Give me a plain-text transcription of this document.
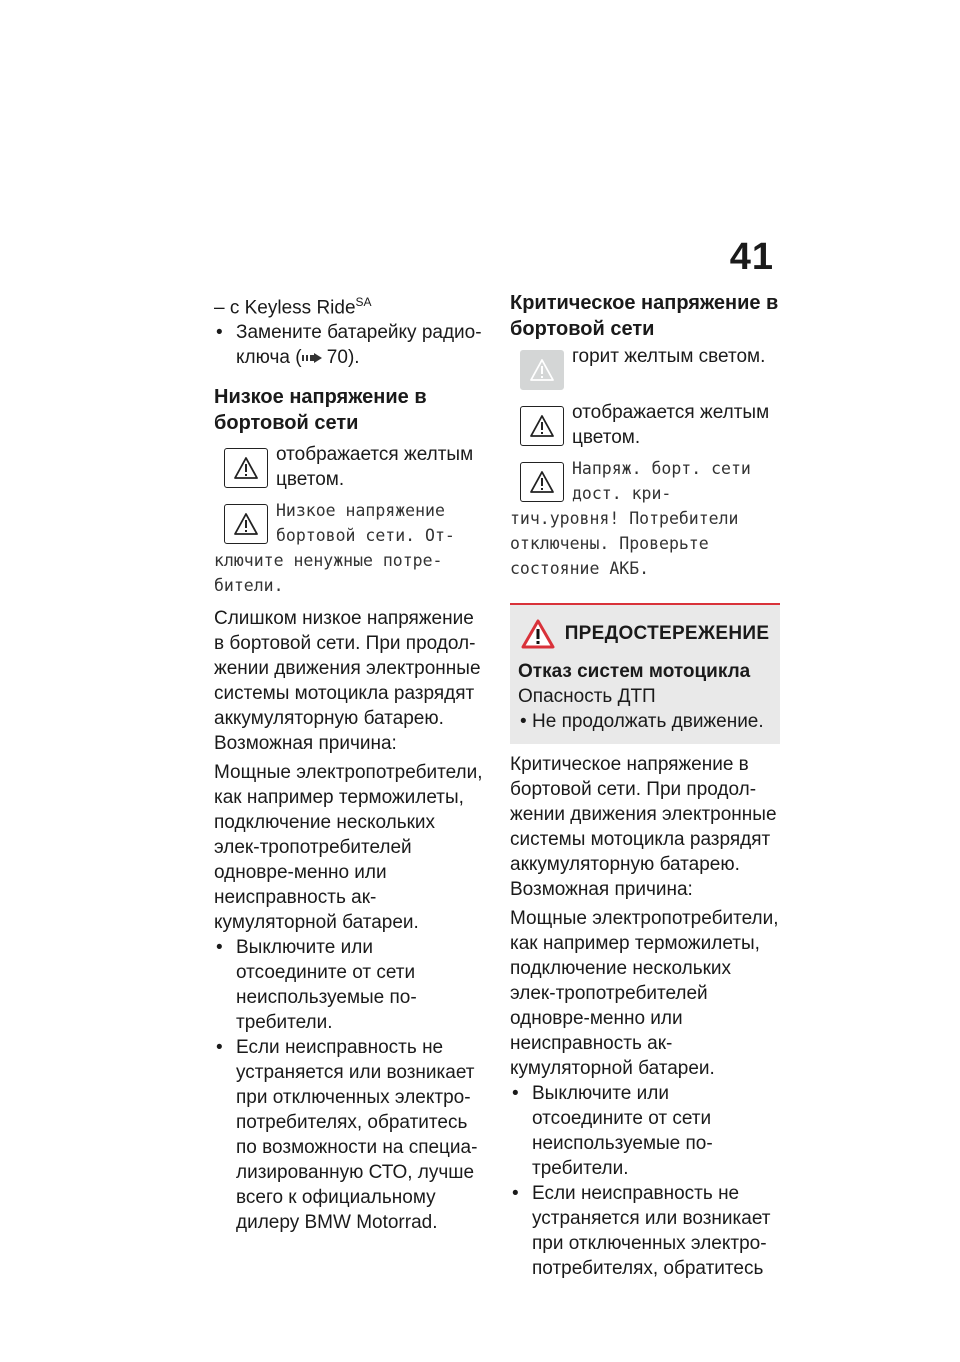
41

– с Keyless Ride$^{SA}$

• Замените батарейку радио-
ключа ( 70).

Низкое напряжение в бортовой сети

отображается желтым цветом.

Низкое напряжение бортовой сети. От-ключите ненужные потре-бители.

Слишком низкое напряжение в бортовой сети. При продол-жении движения электронные системы мотоцикла разрядят аккумуляторную батарею.

Возможная причина:

Мощные электропотребители, как например терможилеты, подключение нескольких элек-тропотребителей одновре-менно или неисправность ак-кумуляторной батареи.

• Выключите или отсоедините от сети неиспользуемые по-требители.

• Если неисправность не устраняется или возникает при отключенных электро-потребителях, обратитесь по возможности на специа-лизированную СТО, лучше всего к официальному дилеру BMW Motorrad.

Критическое напряжение в бортовой сети

горит желтым светом.

отображается желтым цветом.

Напряж. борт. сети дост. кри-тич.уровня! Потребители отключены. Проверьте состояние АКБ.

ПРЕДОСТЕРЕЖЕНИЕ

Отказ систем мотоцикла

Опасность ДТП

• Не продолжать движение.

Критическое напряжение в бортовой сети. При продол-жении движения электронные системы мотоцикла разрядят аккумуляторную батарею.

Возможная причина:

Мощные электропотребители, как например терможилеты, подключение нескольких элек-тропотребителей одновре-менно или неисправность ак-кумуляторной батареи.

• Выключите или отсоедините от сети неиспользуемые по-требители.

• Если неисправность не устраняется или возникает при отключенных электро-потребителях, обратитесь
